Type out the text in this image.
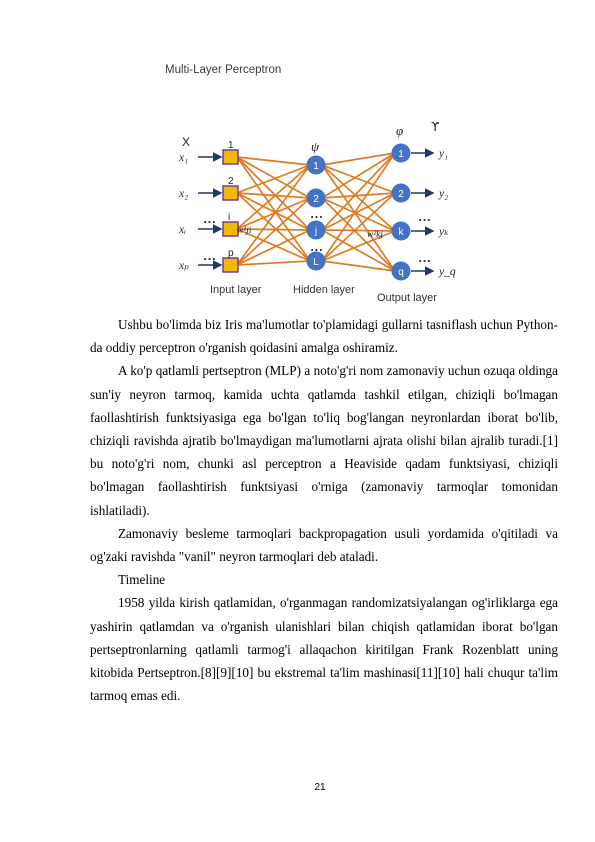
Multi-Layer Perceptron
X	ψ
φ ϒ
x₁
1
x₂
2
xᵢ
i
xₚ
p
1
2
j
L
1	y₁
2	y₂
k	yₖ
q	y_q
w¹ji	w²kj
…
…
…
…
…
…
Input layer	Hidden layer
Output layer

Ushbu bo'limda biz Iris ma'lumotlar to'plamidagi gullarni tasniflash uchun Python-da oddiy perceptron o'rganish qoidasini amalga oshiramiz.

A ko'p qatlamli pertseptron (MLP) a noto'g'ri nom zamonaviy uchun ozuqa oldinga sun'iy neyron tarmoq, kamida uchta qatlamda tashkil etilgan, chiziqli bo'lmagan faollashtirish funktsiyasiga ega bo'lgan to'liq bog'langan neyronlardan iborat bo'lib, chiziqli ravishda ajratib bo'lmaydigan ma'lumotlarni ajrata olishi bilan ajralib turadi.[1] bu noto'g'ri nom, chunki asl perceptron a Heaviside qadam funktsiyasi, chiziqli bo'lmagan faollashtirish funktsiyasi o'rniga (zamonaviy tarmoqlar tomonidan ishlatiladi).

Zamonaviy besleme tarmoqlari backpropagation usuli yordamida o'qitiladi va og'zaki ravishda "vanil" neyron tarmoqlari deb ataladi.

Timeline

1958 yilda kirish qatlamidan, o'rganmagan randomizatsiyalangan og'irliklarga ega yashirin qatlamdan va o'rganish ulanishlari bilan chiqish qatlamidan iborat bo'lgan pertseptronlarning qatlamli tarmog'i allaqachon kiritilgan Frank Rozenblatt uning kitobida Pertseptron.[8][9][10] bu ekstremal ta'lim mashinasi[11][10] hali chuqur ta'lim tarmoq emas edi.

21
